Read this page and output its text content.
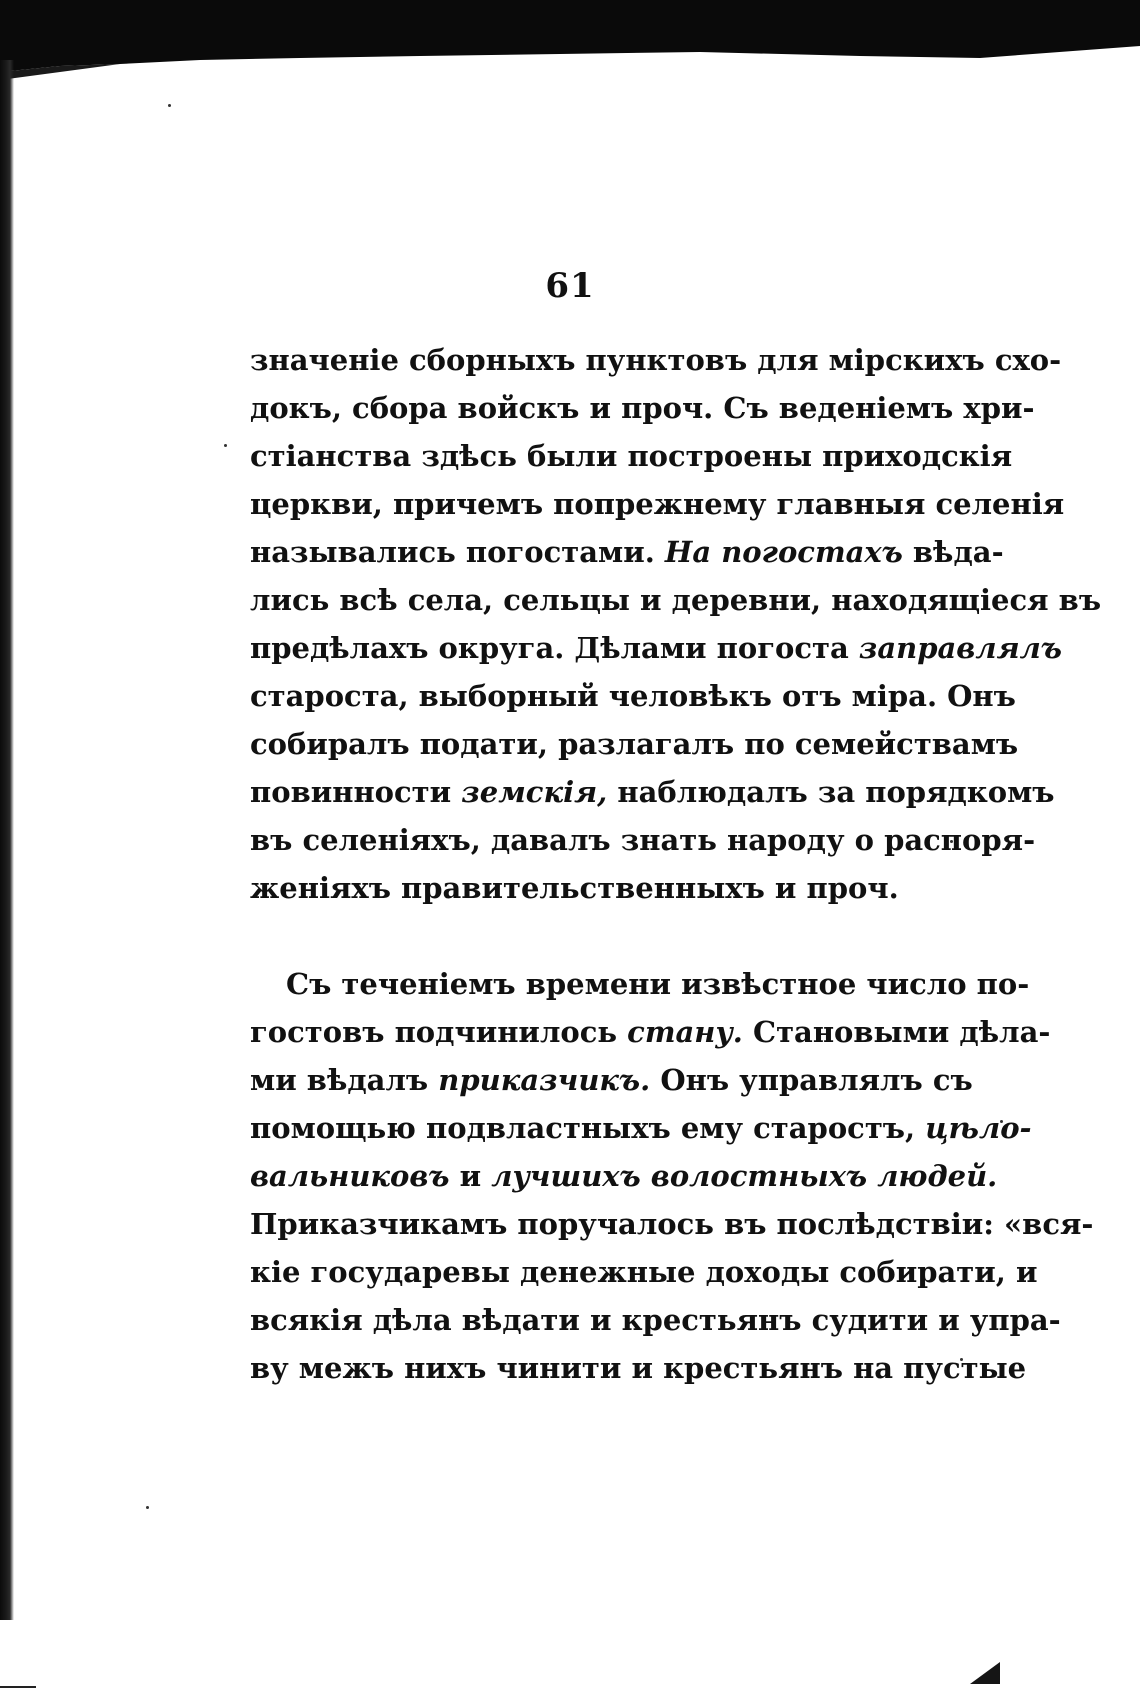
61
значеніе сборныхъ пунктовъ для мірскихъ схо-
докъ, сбора войскъ и проч. Съ веденіемъ хри-
стіанства здѣсь были построены приходскія
церкви, причемъ попрежнему главныя селенія
назывались погостами. На погостахъ вѣда-
лись всѣ села, сельцы и деревни, находящіеся въ
предѣлахъ округа. Дѣлами погоста заправлялъ
староста, выборный человѣкъ отъ міра. Онъ
собиралъ подати, разлагалъ по семействамъ
повинности земскія, наблюдалъ за порядкомъ
въ селеніяхъ, давалъ знать народу о распоря-
женіяхъ правительственныхъ и проч.
Съ теченіемъ времени извѣстное число по-
гостовъ подчинилось стану. Становыми дѣла-
ми вѣдалъ приказчикъ. Онъ управлялъ съ
помощью подвластныхъ ему старостъ, цѣло-
вальниковъ и лучшихъ волостныхъ людей.
Приказчикамъ поручалось въ послѣдствіи: «вся-
кіе государевы денежные доходы собирати, и
всякія дѣла вѣдати и крестьянъ судити и упра-
ву межъ нихъ чинити и крестьянъ на пустые
